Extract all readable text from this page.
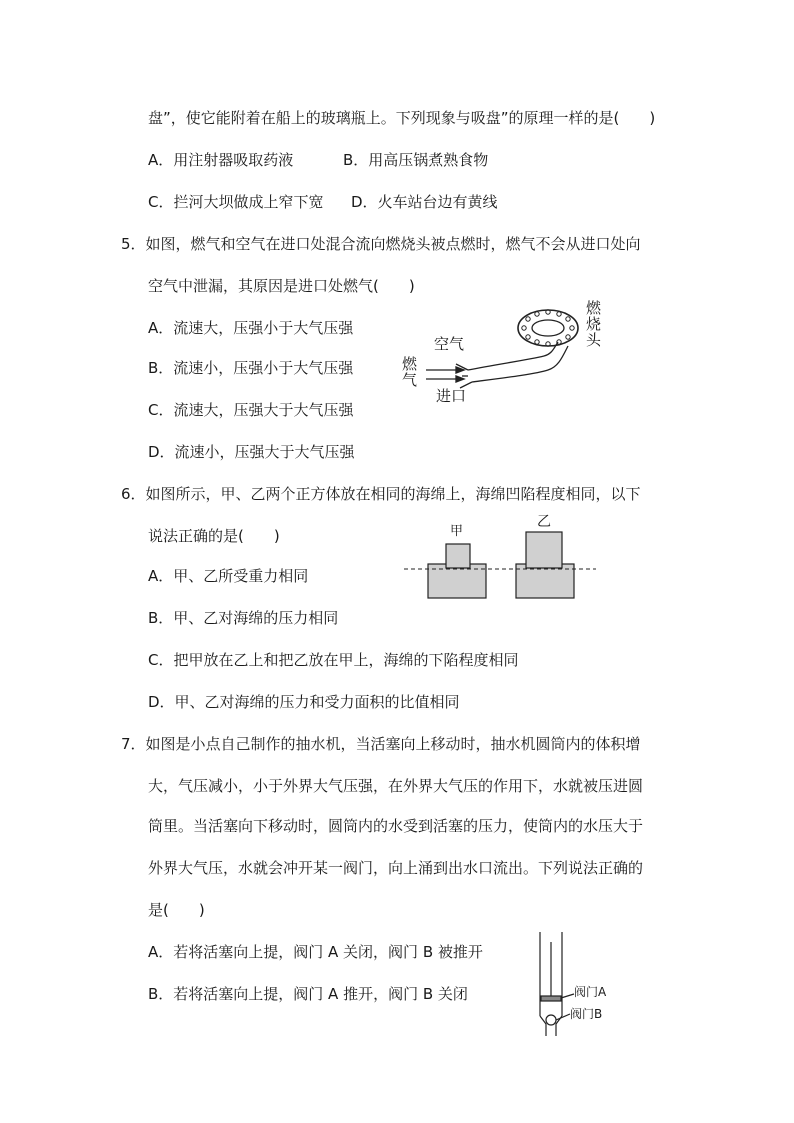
盘”，使它能附着在船上的玻璃瓶上。下列现象与吸盘”的原理一样的是(　　)
A．用注射器吸取药液	B．用高压锅煮熟食物
C．拦河大坝做成上窄下宽 D．火车站台边有黄线
5．如图，燃气和空气在进口处混合流向燃烧头被点燃时，燃气不会从进口处向
空气中泄漏，其原因是进口处燃气(　　)
A．流速大，压强小于大气压强
B．流速小，压强小于大气压强
C．流速大，压强大于大气压强
D．流速小，压强大于大气压强
空气
燃
气
进口
燃
烧
头
6．如图所示，甲、乙两个正方体放在相同的海绵上，海绵凹陷程度相同，以下
说法正确的是(　　)
A．甲、乙所受重力相同
B．甲、乙对海绵的压力相同
C．把甲放在乙上和把乙放在甲上，海绵的下陷程度相同
D．甲、乙对海绵的压力和受力面积的比值相同
甲
乙
7．如图是小点自己制作的抽水机，当活塞向上移动时，抽水机圆筒内的体积增
大，气压减小，小于外界大气压强，在外界大气压的作用下，水就被压进圆
筒里。当活塞向下移动时，圆筒内的水受到活塞的压力，使筒内的水压大于
外界大气压，水就会冲开某一阀门，向上涌到出水口流出。下列说法正确的
是(　　)
A．若将活塞向上提，阀门 A 关闭，阀门 B 被推开
B．若将活塞向上提，阀门 A 推开，阀门 B 关闭	阀门A
阀门B
